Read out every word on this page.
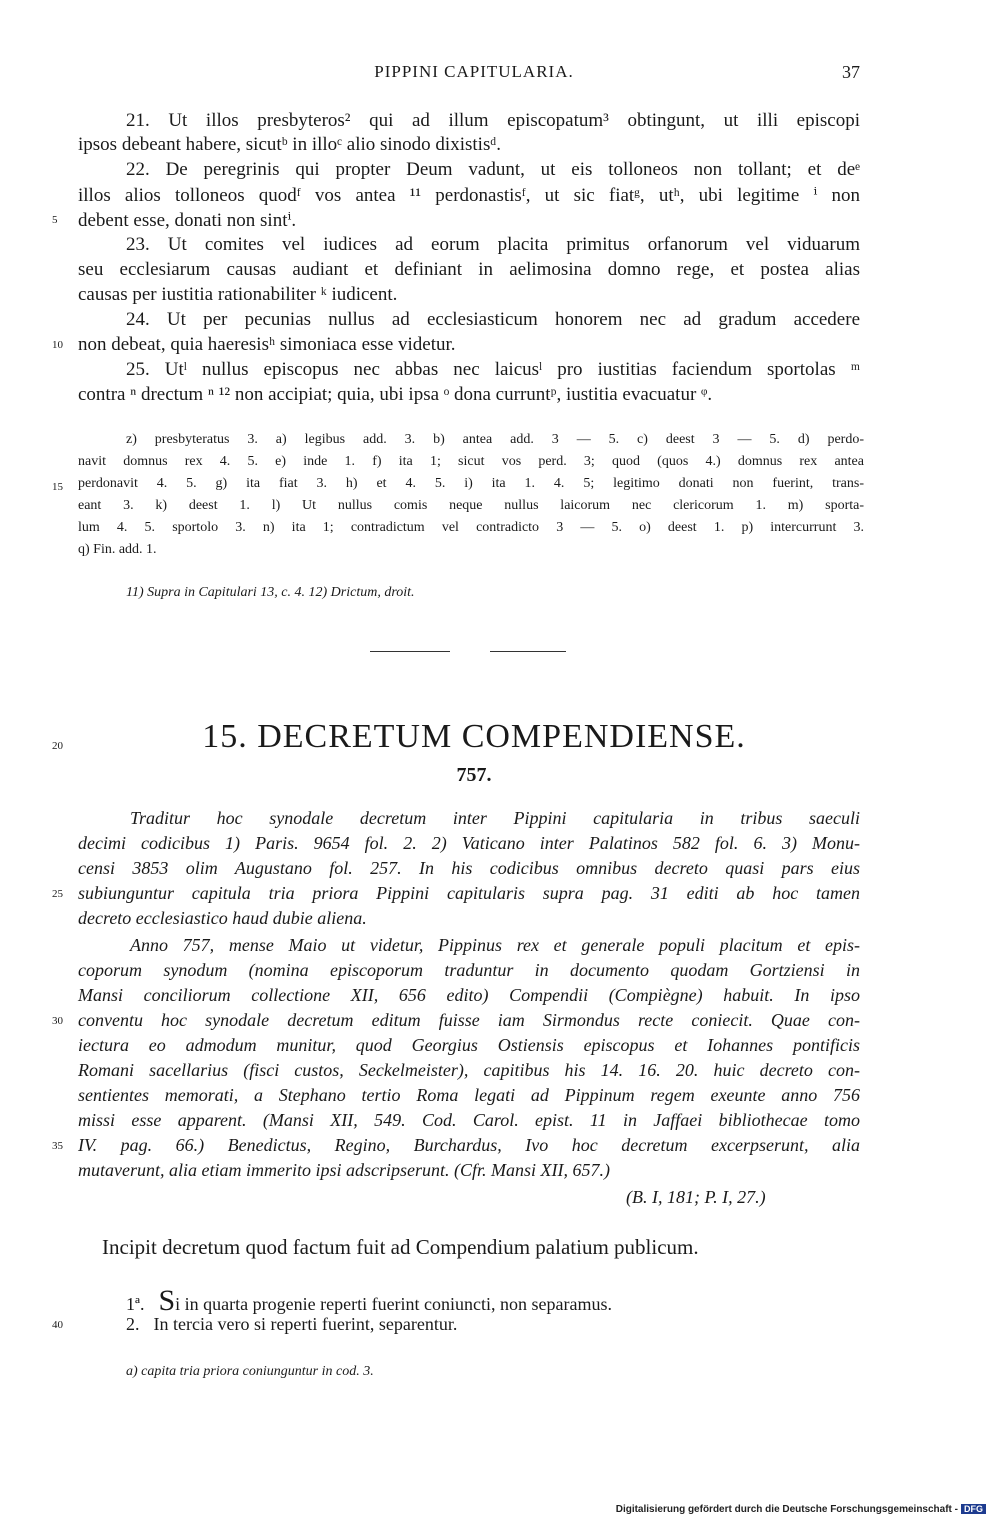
PIPPINI CAPITULARIA.	37
21. Ut illos presbyteros² qui ad illum episcopatum³ obtingunt, ut illi episcopi
ipsos debeant habere, sicutᵇ in illoᶜ alio sinodo dixistisᵈ.
22. De peregrinis qui propter Deum vadunt, ut eis tolloneos non tollant; et deᵉ
illos alios tolloneos quodᶠ vos antea ¹¹ perdonastisᶠ, ut sic fiatᵍ, utʰ, ubi legitime ⁱ non
debent esse, donati non sintⁱ.
5
23. Ut comites vel iudices ad eorum placita primitus orfanorum vel viduarum
seu ecclesiarum causas audiant et definiant in aelimosina domno rege, et postea alias
causas per iustitia rationabiliter ᵏ iudicent.
24. Ut per pecunias nullus ad ecclesiasticum honorem nec ad gradum accedere
non debeat, quia haeresisʰ simoniaca esse videtur.
10
25. Utˡ nullus episcopus nec abbas nec laicusˡ pro iustitias faciendum sportolas ᵐ
contra ⁿ drectum ⁿ ¹² non accipiat; quia, ubi ipsa ᵒ dona curruntᵖ, iustitia evacuatur ᵠ.
z) presbyteratus 3. a) legibus add. 3. b) antea add. 3 — 5. c) deest 3 — 5. d) perdo-
navit domnus rex 4. 5. e) inde 1. f) ita 1; sicut vos perd. 3; quod (quos 4.) domnus rex antea
perdonavit 4. 5. g) ita fiat 3. h) et 4. 5. i) ita 1. 4. 5; legitimo donati non fuerint, trans-
15
eant 3. k) deest 1. l) Ut nullus comis neque nullus laicorum nec clericorum 1. m) sporta-
lum 4. 5. sportolo 3. n) ita 1; contradictum vel contradicto 3 — 5. o) deest 1. p) intercurrunt 3.
q) Fin. add. 1.
11) Supra in Capitulari 13, c. 4. 12) Drictum, droit.
20	15. DECRETUM COMPENDIENSE.
757.
Traditur hoc synodale decretum inter Pippini capitularia in tribus saeculi
decimi codicibus 1) Paris. 9654 fol. 2. 2) Vaticano inter Palatinos 582 fol. 6. 3) Monu-
censi 3853 olim Augustano fol. 257. In his codicibus omnibus decreto quasi pars eius
subiunguntur capitula tria priora Pippini capitularis supra pag. 31 editi ab hoc tamen
25
decreto ecclesiastico haud dubie aliena.
Anno 757, mense Maio ut videtur, Pippinus rex et generale populi placitum et epis-
coporum synodum (nomina episcoporum traduntur in documento quodam Gortziensi in
Mansi conciliorum collectione XII, 656 edito) Compendii (Compiègne) habuit. In ipso
conventu hoc synodale decretum editum fuisse iam Sirmondus recte coniecit. Quae con-
30
iectura eo admodum munitur, quod Georgius Ostiensis episcopus et Iohannes pontificis
Romani sacellarius (fisci custos, Seckelmeister), capitibus his 14. 16. 20. huic decreto con-
sentientes memorati, a Stephano tertio Roma legati ad Pippinum regem exeunte anno 756
missi esse apparent. (Mansi XII, 549. Cod. Carol. epist. 11 in Jaffaei bibliothecae tomo
IV. pag. 66.) Benedictus, Regino, Burchardus, Ivo hoc decretum excerpserunt, alia
35
mutaverunt, alia etiam immerito ipsi adscripserunt. (Cfr. Mansi XII, 657.)
(B. I, 181; P. I, 27.)
Incipit decretum quod factum fuit ad Compendium palatium publicum.
1ª. Si in quarta progenie reperti fuerint coniuncti, non separamus.
2. In tercia vero si reperti fuerint, separentur.
40
a) capita tria priora coniunguntur in cod. 3.
Digitalisierung gefördert durch die Deutsche Forschungsgemeinschaft - DFG
